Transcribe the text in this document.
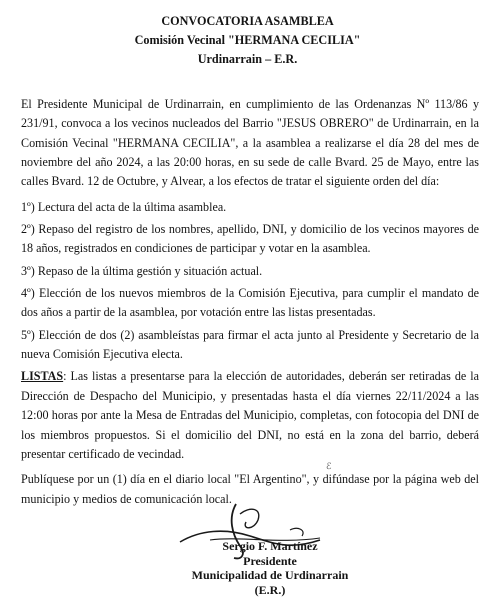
CONVOCATORIA ASAMBLEA
Comisión Vecinal "HERMANA CECILIA"
Urdinarrain – E.R.

El Presidente Municipal de Urdinarrain, en cumplimiento de las Ordenanzas Nº 113/86 y 231/91, convoca a los vecinos nucleados del Barrio "JESUS OBRERO" de Urdinarrain, en la Comisión Vecinal "HERMANA CECILIA", a la asamblea a realizarse el día 28 del mes de noviembre del año 2024, a las 20:00 horas, en su sede de calle Bvard. 25 de Mayo, entre las calles Bvard. 12 de Octubre, y Alvear, a los efectos de tratar el siguiente orden del día:

1º) Lectura del acta de la última asamblea.

2º) Repaso del registro de los nombres, apellido, DNI, y domicilio de los vecinos mayores de 18 años, registrados en condiciones de participar y votar en la asamblea.

3º) Repaso de la última gestión y situación actual.

4º) Elección de los nuevos miembros de la Comisión Ejecutiva, para cumplir el mandato de dos años a partir de la asamblea, por votación entre las listas presentadas.

5º) Elección de dos (2) asambleístas para firmar el acta junto al Presidente y Secretario de la nueva Comisión Ejecutiva electa.

LISTAS: Las listas a presentarse para la elección de autoridades, deberán ser retiradas de la Dirección de Despacho del Municipio, y presentadas hasta el día viernes 22/11/2024 a las 12:00 horas por ante la Mesa de Entradas del Municipio, completas, con fotocopia del DNI de los miembros propuestos. Si el domicilio del DNI, no está en la zona del barrio, deberá presentar certificado de vecindad.

Publíquese por un (1) día en el diario local "El Argentino", y difúndase por la página web del municipio y medios de comunicación local.

ℰ
Sergio F. Martínez
Presidente
Municipalidad de Urdinarrain
(E.R.)
